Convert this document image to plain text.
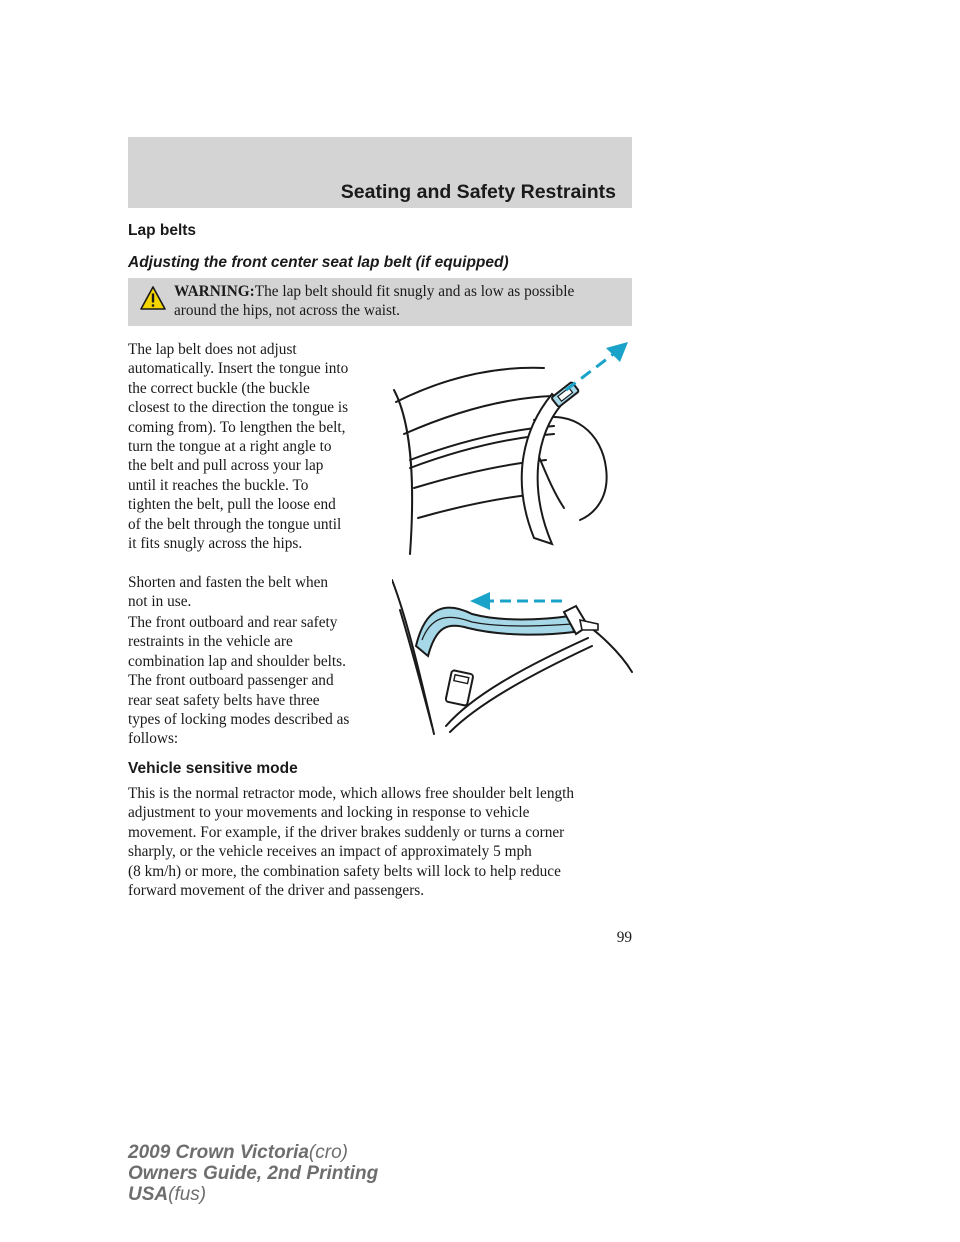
Seating and Safety Restraints
Lap belts
Adjusting the front center seat lap belt (if equipped)
WARNING:The lap belt should fit snugly and as low as possible
around the hips, not across the waist.
The lap belt does not adjust
automatically. Insert the tongue into
the correct buckle (the buckle
closest to the direction the tongue is
coming from). To lengthen the belt,
turn the tongue at a right angle to
the belt and pull across your lap
until it reaches the buckle. To
tighten the belt, pull the loose end
of the belt through the tongue until
it fits snugly across the hips.
Shorten and fasten the belt when
not in use.
The front outboard and rear safety
restraints in the vehicle are
combination lap and shoulder belts.
The front outboard passenger and
rear seat safety belts have three
types of locking modes described as
follows:
Vehicle sensitive mode
This is the normal retractor mode, which allows free shoulder belt length
adjustment to your movements and locking in response to vehicle
movement. For example, if the driver brakes suddenly or turns a corner
sharply, or the vehicle receives an impact of approximately 5 mph
(8 km/h) or more, the combination safety belts will lock to help reduce
forward movement of the driver and passengers.
99
2009 Crown Victoria(cro)
Owners Guide, 2nd Printing
USA(fus)
